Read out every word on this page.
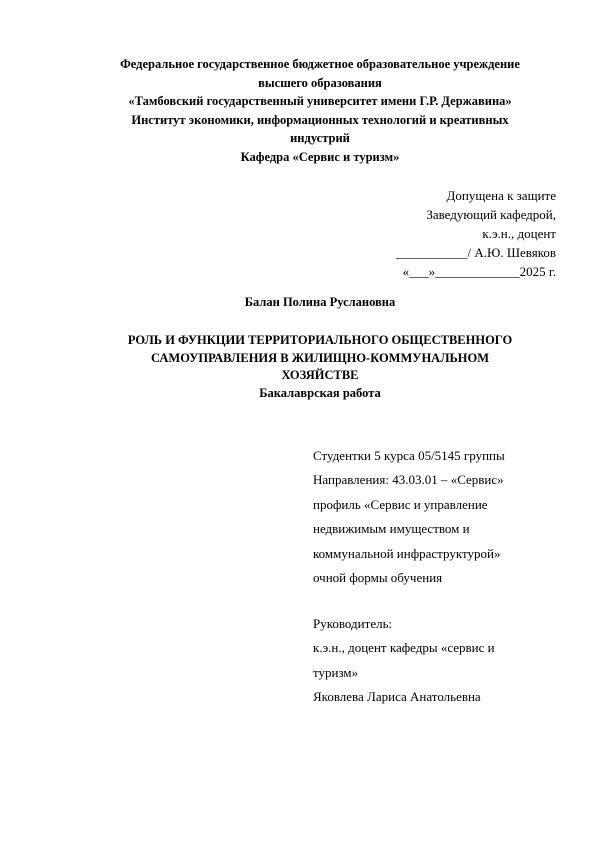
Федеральное государственное бюджетное образовательное учреждение
высшего образования
«Тамбовский государственный университет имени Г.Р. Державина»
Институт экономики, информационных технологий и креативных
индустрий
Кафедра «Сервис и туризм»
Допущена к защите
Заведующий кафедрой,
к.э.н., доцент
___________/ А.Ю. Шевяков
«___»_____________2025 г.
Балан Полина Руслановна
РОЛЬ И ФУНКЦИИ ТЕРРИТОРИАЛЬНОГО ОБЩЕСТВЕННОГО
САМОУПРАВЛЕНИЯ В ЖИЛИЩНО-КОММУНАЛЬНОМ
ХОЗЯЙСТВЕ
Бакалаврская работа
Студентки 5 курса 05/5145 группы
Направления: 43.03.01 – «Сервис»
профиль «Сервис и управление
недвижимым имуществом и
коммунальной инфраструктурой»
очной формы обучения
Руководитель:
к.э.н., доцент кафедры «сервис и
туризм»
Яковлева Лариса Анатольевна
